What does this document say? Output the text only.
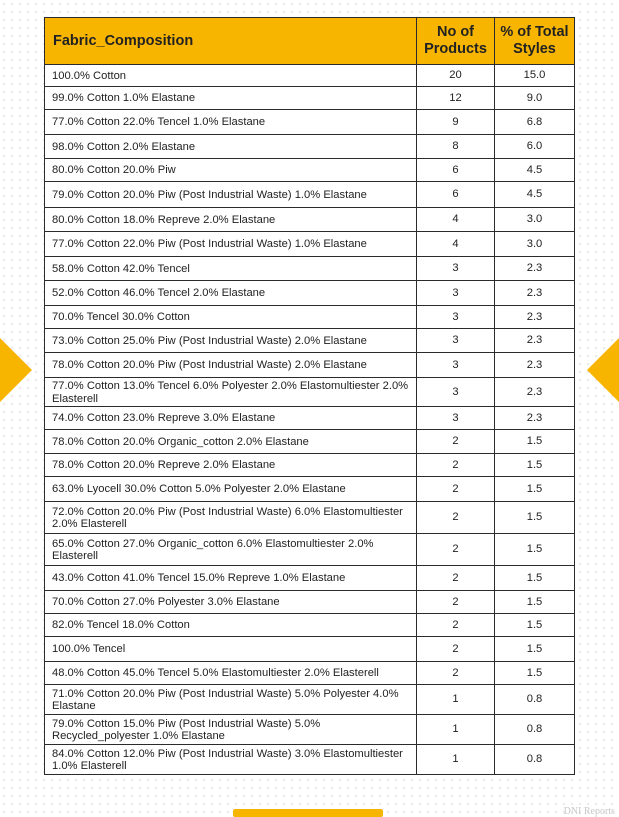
Fabric_Composition	No of Products	% of Total Styles
100.0% Cotton	20	15.0
99.0% Cotton 1.0% Elastane	12	9.0
77.0% Cotton 22.0% Tencel 1.0% Elastane	9	6.8
98.0% Cotton 2.0% Elastane	8	6.0
80.0% Cotton 20.0% Piw	6	4.5
79.0% Cotton 20.0% Piw (Post Industrial Waste) 1.0% Elastane	6	4.5
80.0% Cotton 18.0% Repreve 2.0% Elastane	4	3.0
77.0% Cotton 22.0% Piw (Post Industrial Waste) 1.0% Elastane	4	3.0
58.0% Cotton 42.0% Tencel	3	2.3
52.0% Cotton 46.0% Tencel 2.0% Elastane	3	2.3
70.0% Tencel 30.0% Cotton	3	2.3
73.0% Cotton 25.0% Piw (Post Industrial Waste) 2.0% Elastane	3	2.3
78.0% Cotton 20.0% Piw (Post Industrial Waste) 2.0% Elastane	3	2.3
77.0% Cotton 13.0% Tencel 6.0% Polyester 2.0% Elastomultiester 2.0% Elasterell	3	2.3
74.0% Cotton 23.0% Repreve 3.0% Elastane	3	2.3
78.0% Cotton 20.0% Organic_cotton 2.0% Elastane	2	1.5
78.0% Cotton 20.0% Repreve 2.0% Elastane	2	1.5
63.0% Lyocell 30.0% Cotton 5.0% Polyester 2.0% Elastane	2	1.5
72.0% Cotton 20.0% Piw (Post Industrial Waste) 6.0% Elastomultiester 2.0% Elasterell	2	1.5
65.0% Cotton 27.0% Organic_cotton 6.0% Elastomultiester 2.0% Elasterell	2	1.5
43.0% Cotton 41.0% Tencel 15.0% Repreve 1.0% Elastane	2	1.5
70.0% Cotton 27.0% Polyester 3.0% Elastane	2	1.5
82.0% Tencel 18.0% Cotton	2	1.5
100.0% Tencel	2	1.5
48.0% Cotton 45.0% Tencel 5.0% Elastomultiester 2.0% Elasterell	2	1.5
71.0% Cotton 20.0% Piw (Post Industrial Waste) 5.0% Polyester 4.0% Elastane	1	0.8
79.0% Cotton 15.0% Piw (Post Industrial Waste) 5.0% Recycled_polyester 1.0% Elastane	1	0.8
84.0% Cotton 12.0% Piw (Post Industrial Waste) 3.0% Elastomultiester 1.0% Elasterell	1	0.8
DNI Reports
